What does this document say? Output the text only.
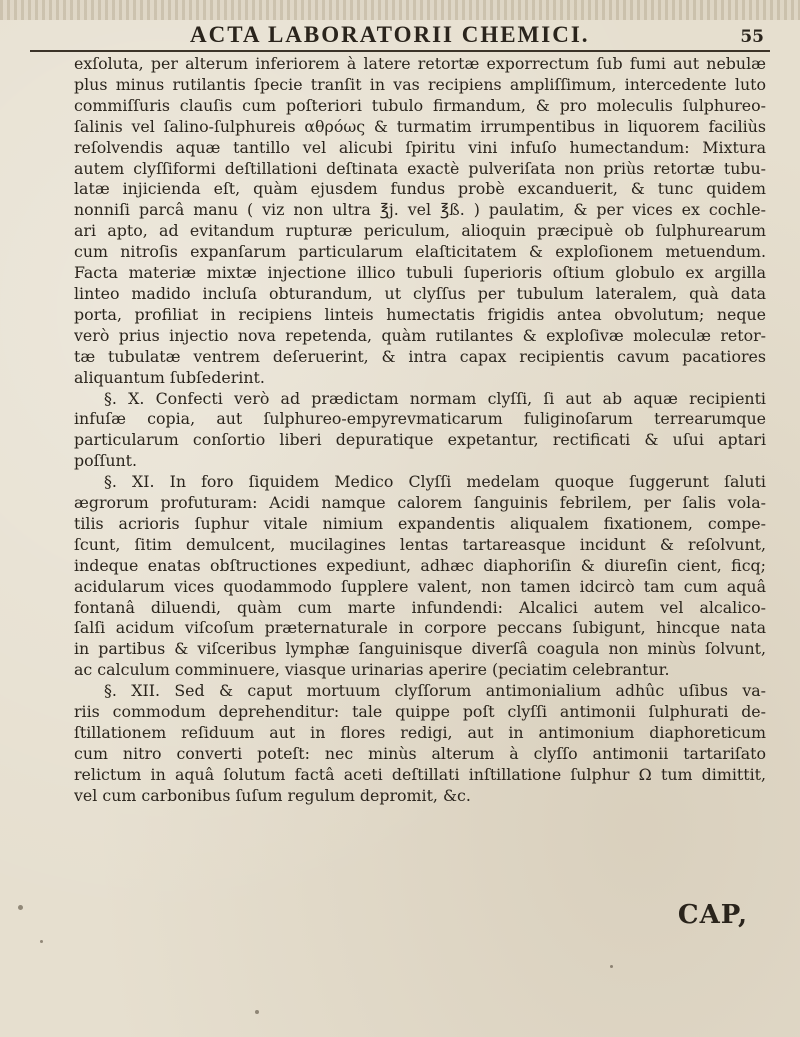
ACTA LABORATORII CHEMICI.	55
exſoluta, per alterum inferiorem à latere retortæ exporrectum ſub fumi aut nebulæ
plus minus rutilantis ſpecie tranſit in vas recipiens ampliſſimum, intercedente luto
commiſſuris clauſis cum poſteriori tubulo firmandum, & pro moleculis ſulphureo-
ſalinis vel ſalino-ſulphureis αθρόως & turmatim irrumpentibus in liquorem faciliùs
reſolvendis aquæ tantillo vel alicubi ſpiritu vini infuſo humectandum: Mixtura
autem clyſſiformi deſtillationi deſtinata exactè pulveriſata non priùs retortæ tubu-
latæ injicienda eſt, quàm ejusdem fundus probè excanduerit, & tunc quidem
nonniſi parcâ manu ( viz non ultra ℥j. vel ℥ß. ) paulatim, & per vices ex cochle-
ari apto, ad evitandum rupturæ periculum, alioquin præcipuè ob ſulphurearum
cum nitroſis expanſarum particularum elaſticitatem & exploſionem metuendum.
Facta materiæ mixtæ injectione illico tubuli ſuperioris oſtium globulo ex argilla
linteo madido incluſa obturandum, ut clyſſus per tubulum lateralem, quà data
porta, profiliat in recipiens linteis humectatis frigidis antea obvolutum; neque
verò prius injectio nova repetenda, quàm rutilantes & exploſivæ moleculæ retor-
tæ tubulatæ ventrem deſeruerint, & intra capax recipientis cavum pacatiores
aliquantum ſubſederint.
§. X. Confecti verò ad prædictam normam clyſſi, ſi aut ab aquæ recipienti
infuſæ copia, aut ſulphureo-empyrevmaticarum fuliginoſarum terrearumque
particularum conſortio liberi depuratique expetantur, rectificati & uſui aptari
poſſunt.
§. XI. In foro ſiquidem Medico Clyſſi medelam quoque ſuggerunt ſaluti
ægrorum profuturam: Acidi namque calorem ſanguinis febrilem, per ſalis vola-
tilis acrioris ſuphur vitale nimium expandentis aliqualem fixationem, compe-
ſcunt, ſitim demulcent, mucilagines lentas tartareasque incidunt & reſolvunt,
indeque enatas obſtructiones expediunt, adhæc diaphoriſin & diureſin cient, ficq;
acidularum vices quodammodo ſupplere valent, non tamen idcircò tam cum aquâ
fontanâ diluendi, quàm cum marte infundendi: Alcalici autem vel alcalico-
ſalſi acidum viſcoſum præternaturale in corpore peccans ſubigunt, hincque nata
in partibus & viſceribus lymphæ ſanguinisque diverſâ coagula non minùs ſolvunt,
ac calculum comminuere, viasque urinarias aperire (peciatim celebrantur.
§. XII. Sed & caput mortuum clyſſorum antimonialium adhûc uſibus va-
riis commodum deprehenditur: tale quippe poſt clyſſi antimonii ſulphurati de-
ſtillationem reſiduum aut in flores redigi, aut in antimonium diaphoreticum
cum nitro converti poteſt: nec minùs alterum à clyſſo antimonii tartariſato
relictum in aquâ ſolutum factâ aceti deſtillati inſtillatione ſulphur Ω tum dimittit,
vel cum carbonibus ſuſum regulum depromit, &c.
CAP,
